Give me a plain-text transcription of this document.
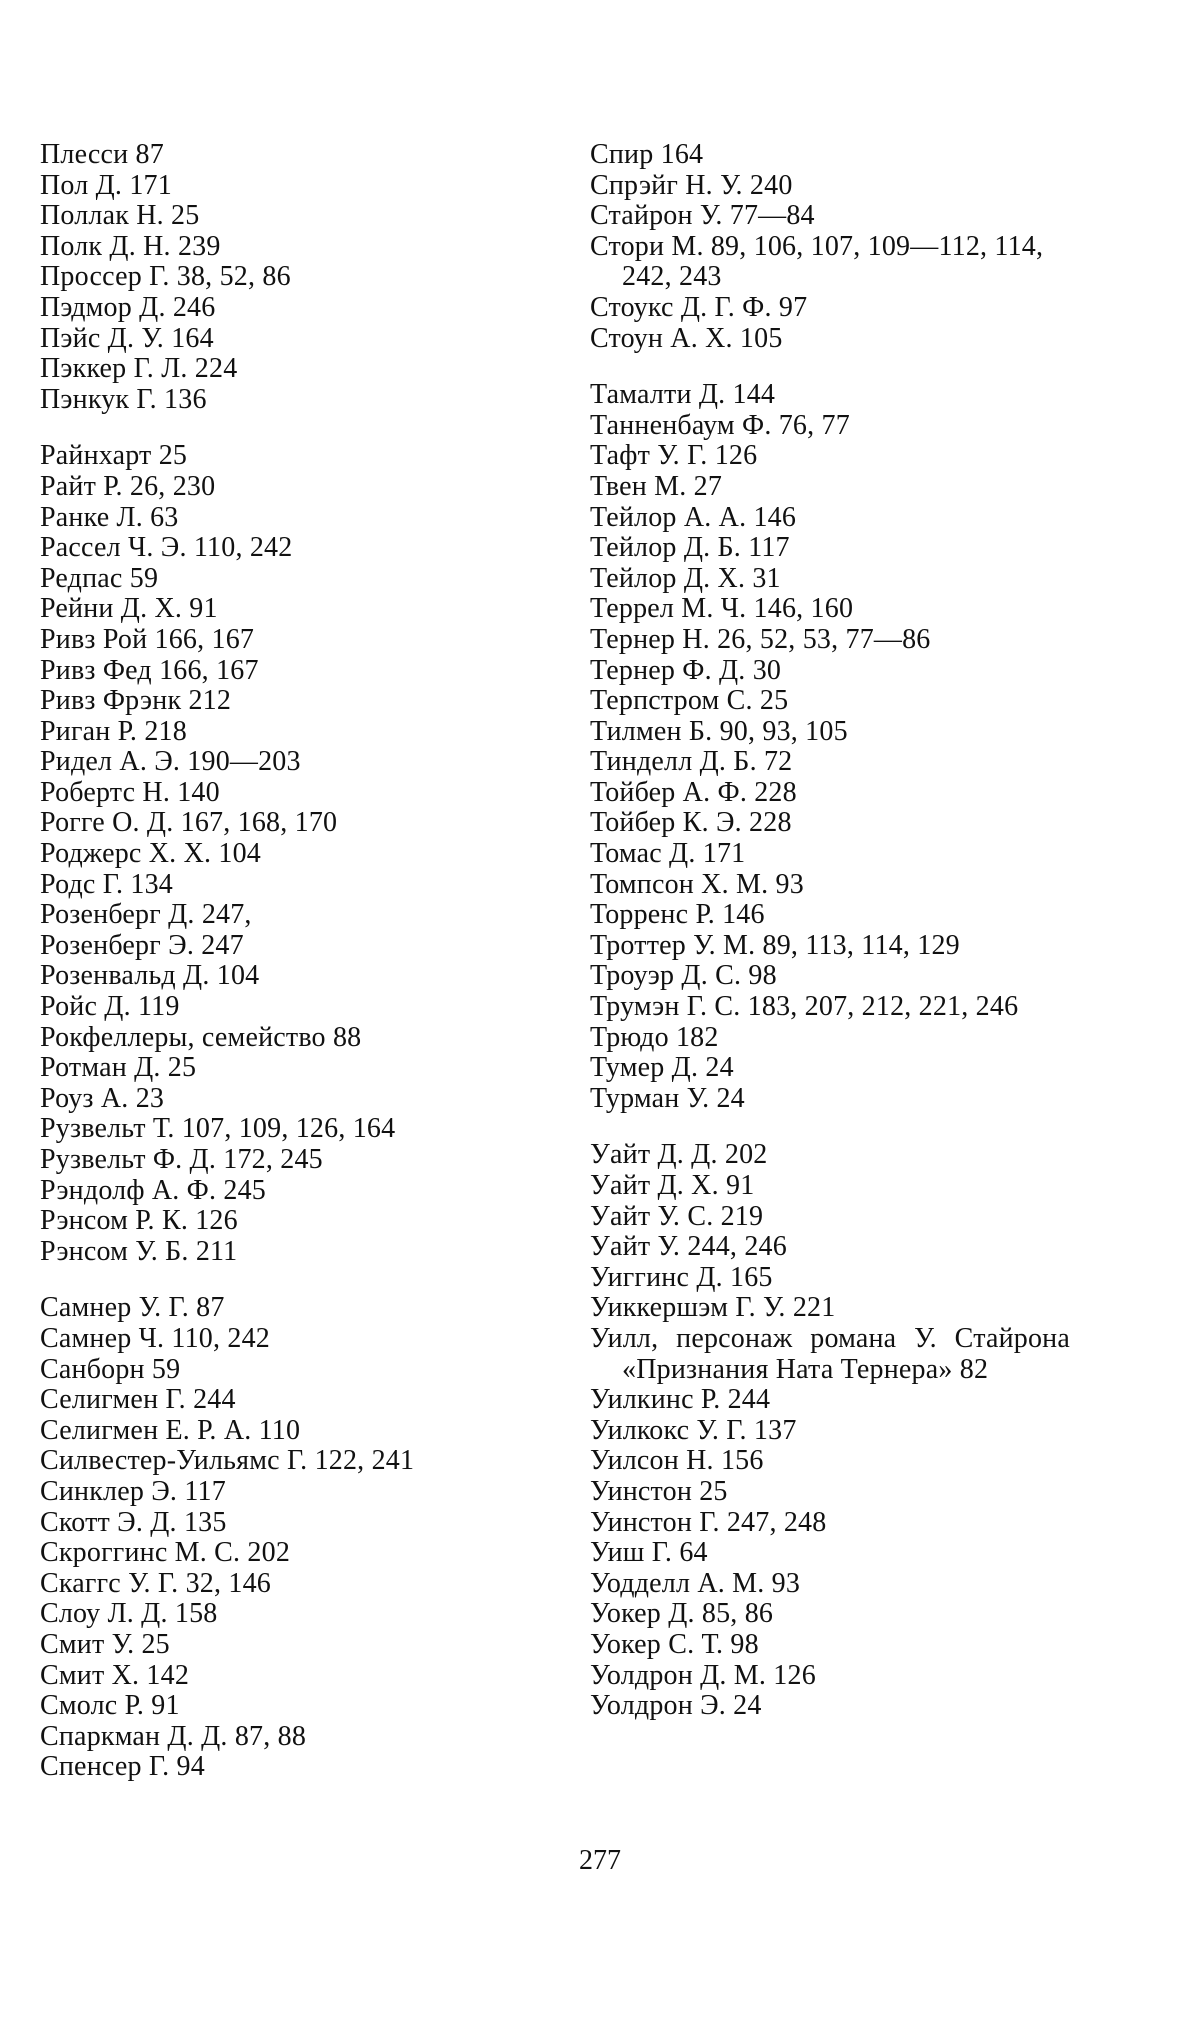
Плесси 87
Пол Д. 171
Поллак Н. 25
Полк Д. Н. 239
Проссер Г. 38, 52, 86
Пэдмор Д. 246
Пэйс Д. У. 164
Пэккер Г. Л. 224
Пэнкук Г. 136
Райнхарт 25
Райт Р. 26, 230
Ранке Л. 63
Рассел Ч. Э. 110, 242
Редпас 59
Рейни Д. Х. 91
Ривз Рой 166, 167
Ривз Фед 166, 167
Ривз Фрэнк 212
Риган Р. 218
Ридел А. Э. 190—203
Робертс Н. 140
Рогге О. Д. 167, 168, 170
Роджерс Х. Х. 104
Родс Г. 134
Розенберг Д. 247,
Розенберг Э. 247
Розенвальд Д. 104
Ройс Д. 119
Рокфеллеры, семейство 88
Ротман Д. 25
Роуз А. 23
Рузвельт Т. 107, 109, 126, 164
Рузвельт Ф. Д. 172, 245
Рэндолф А. Ф. 245
Рэнсом Р. К. 126
Рэнсом У. Б. 211
Самнер У. Г. 87
Самнер Ч. 110, 242
Санборн 59
Селигмен Г. 244
Селигмен Е. Р. А. 110
Силвестер-Уильямс Г. 122, 241
Синклер Э. 117
Скотт Э. Д. 135
Скроггинс М. С. 202
Скаггс У. Г. 32, 146
Слоу Л. Д. 158
Смит У. 25
Смит Х. 142
Смолс Р. 91
Спаркман Д. Д. 87, 88
Спенсер Г. 94
Спир 164
Спрэйг Н. У. 240
Стайрон У. 77—84
Стори М. 89, 106, 107, 109—112, 114, 242, 243
Стоукс Д. Г. Ф. 97
Стоун А. Х. 105
Тамалти Д. 144
Танненбаум Ф. 76, 77
Тафт У. Г. 126
Твен М. 27
Тейлор А. А. 146
Тейлор Д. Б. 117
Тейлор Д. Х. 31
Террел М. Ч. 146, 160
Тернер Н. 26, 52, 53, 77—86
Тернер Ф. Д. 30
Терпстром С. 25
Тилмен Б. 90, 93, 105
Тинделл Д. Б. 72
Тойбер А. Ф. 228
Тойбер К. Э. 228
Томас Д. 171
Томпсон Х. М. 93
Торренс Р. 146
Троттер У. М. 89, 113, 114, 129
Троуэр Д. С. 98
Трумэн Г. С. 183, 207, 212, 221, 246
Трюдо 182
Тумер Д. 24
Турман У. 24
Уайт Д. Д. 202
Уайт Д. Х. 91
Уайт У. С. 219
Уайт У. 244, 246
Уиггинс Д. 165
Уиккершэм Г. У. 221
Уилл, персонаж романа У. Стайрона «Признания Ната Тернера» 82
Уилкинс Р. 244
Уилкокс У. Г. 137
Уилсон Н. 156
Уинстон 25
Уинстон Г. 247, 248
Уиш Г. 64
Уодделл А. М. 93
Уокер Д. 85, 86
Уокер С. Т. 98
Уолдрон Д. М. 126
Уолдрон Э. 24
277
